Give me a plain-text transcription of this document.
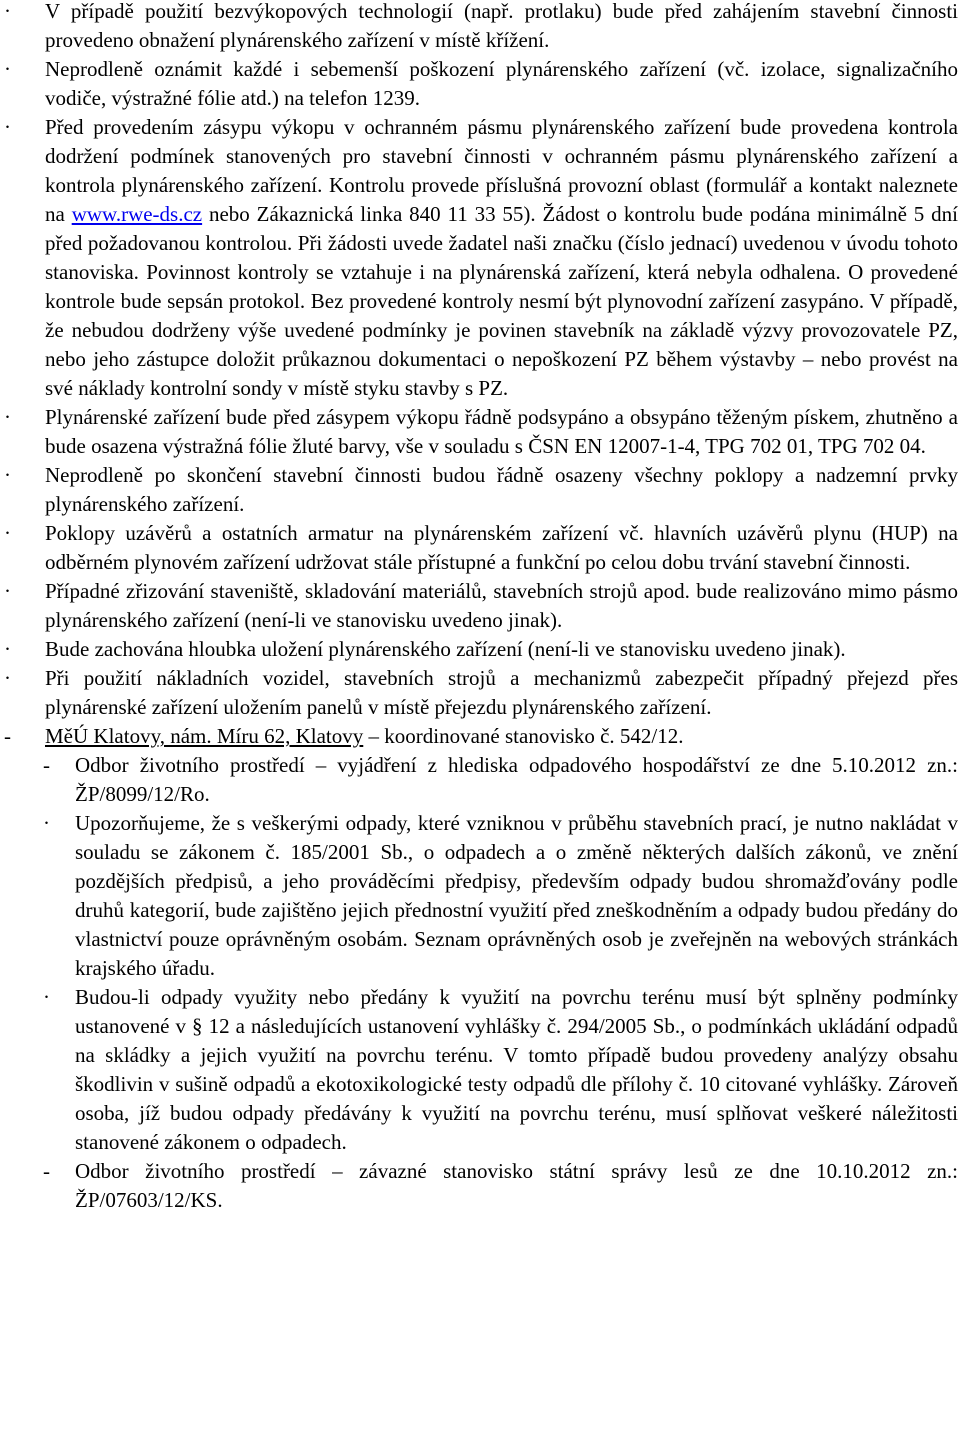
·	V případě použití bezvýkopových technologií (např. protlaku) bude před zahájením stavební činnosti provedeno obnažení plynárenského zařízení v místě křížení.
·	Neprodleně oznámit každé i sebemenší poškození plynárenského zařízení (vč. izolace, signalizačního vodiče, výstražné fólie atd.) na telefon 1239.
·	Před provedením zásypu výkopu v ochranném pásmu plynárenského zařízení bude provedena kontrola dodržení podmínek stanovených pro stavební činnosti v ochranném pásmu plynárenského zařízení a kontrola plynárenského zařízení. Kontrolu provede příslušná provozní oblast (formulář a kontakt naleznete na www.rwe-ds.cz nebo Zákaznická linka 840 11 33 55). Žádost o kontrolu bude podána minimálně 5 dní před požadovanou kontrolou. Při žádosti uvede žadatel naši značku (číslo jednací) uvedenou v úvodu tohoto stanoviska. Povinnost kontroly se vztahuje i na plynárenská zařízení, která nebyla odhalena. O provedené kontrole bude sepsán protokol. Bez provedené kontroly nesmí být plynovodní zařízení zasypáno. V případě, že nebudou dodrženy výše uvedené podmínky je povinen stavebník na základě výzvy provozovatele PZ, nebo jeho zástupce doložit průkaznou dokumentaci o nepoškození PZ během výstavby – nebo provést na své náklady kontrolní sondy v místě styku stavby s PZ.
·	Plynárenské zařízení bude před zásypem výkopu řádně podsypáno a obsypáno těženým pískem, zhutněno a bude osazena výstražná fólie žluté barvy, vše v souladu s ČSN EN 12007-1-4, TPG 702 01, TPG 702 04.
·	Neprodleně po skončení stavební činnosti budou řádně osazeny všechny poklopy a nadzemní prvky plynárenského zařízení.
·	Poklopy uzávěrů a ostatních armatur na plynárenském zařízení vč. hlavních uzávěrů plynu (HUP) na odběrném plynovém zařízení udržovat stále přístupné a funkční po celou dobu trvání stavební činnosti.
·	Případné zřizování staveniště, skladování materiálů, stavebních strojů apod. bude realizováno mimo pásmo plynárenského zařízení (není-li ve stanovisku uvedeno jinak).
·	Bude zachována hloubka uložení plynárenského zařízení (není-li ve stanovisku uvedeno jinak).
·	Při použití nákladních vozidel, stavebních strojů a mechanizmů zabezpečit případný přejezd přes plynárenské zařízení uložením panelů v místě přejezdu plynárenského zařízení.
-	MěÚ Klatovy, nám. Míru 62, Klatovy – koordinované stanovisko č. 542/12.
-	Odbor životního prostředí – vyjádření z hlediska odpadového hospodářství ze dne 5.10.2012 zn.: ŽP/8099/12/Ro.
·	Upozorňujeme, že s veškerými odpady, které vzniknou v průběhu stavebních prací, je nutno nakládat v souladu se zákonem č. 185/2001 Sb., o odpadech a o změně některých dalších zákonů, ve znění pozdějších předpisů, a jeho prováděcími předpisy, především odpady budou shromažďovány podle druhů kategorií, bude zajištěno jejich přednostní využití před zneškodněním a odpady budou předány do vlastnictví pouze oprávněným osobám. Seznam oprávněných osob je zveřejněn na webových stránkách krajského úřadu.
·	Budou-li odpady využity nebo předány k využití na povrchu terénu musí být splněny podmínky ustanovené v § 12 a následujících ustanovení vyhlášky č. 294/2005 Sb., o podmínkách ukládání odpadů na skládky a jejich využití na povrchu terénu. V tomto případě budou provedeny analýzy obsahu škodlivin v sušině odpadů a ekotoxikologické testy odpadů dle přílohy č. 10 citované vyhlášky. Zároveň osoba, jíž budou odpady předávány k využití na povrchu terénu, musí splňovat veškeré náležitosti stanovené zákonem o odpadech.
-	Odbor životního prostředí – závazné stanovisko státní správy lesů ze dne 10.10.2012 zn.: ŽP/07603/12/KS.
